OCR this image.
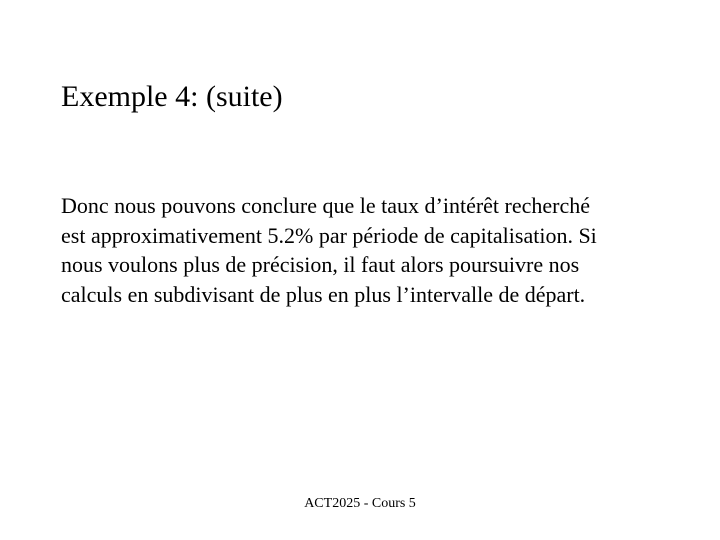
Exemple 4: (suite)

Donc nous pouvons conclure que le taux d’intérêt recherché
est approximativement 5.2% par période de capitalisation. Si
nous voulons plus de précision, il faut alors poursuivre nos
calculs en subdivisant de plus en plus l’intervalle de départ.

ACT2025 - Cours 5
